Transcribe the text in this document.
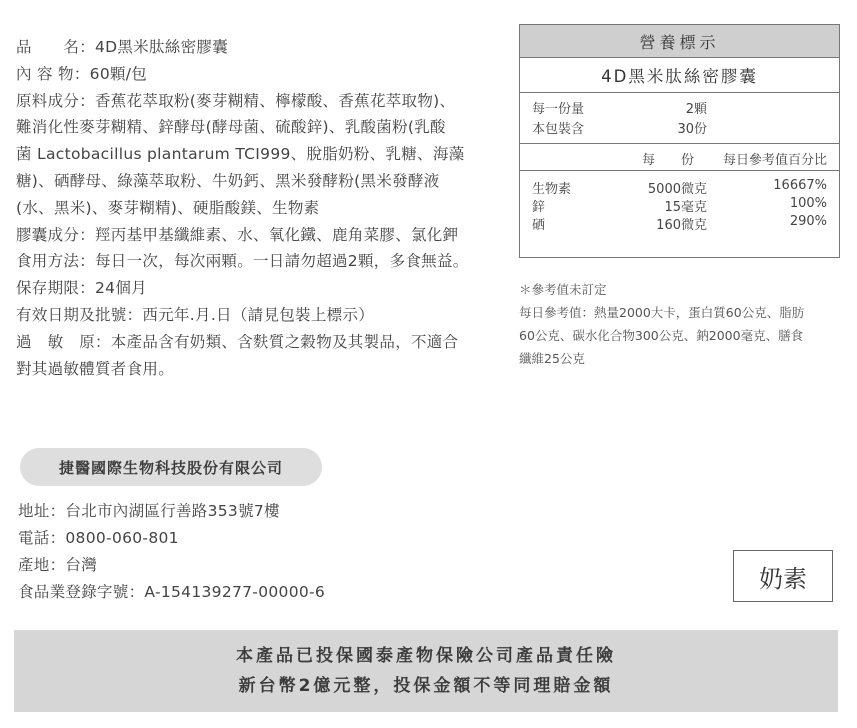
品　　名：4D黑米肽絲密膠囊

內 容 物：60顆/包

原料成分：香蕉花萃取粉(麥芽糊精、檸檬酸、香蕉花萃取物)、

難消化性麥芽糊精、鋅酵母(酵母菌、硫酸鋅)、乳酸菌粉(乳酸

菌 Lactobacillus plantarum TCI999、脫脂奶粉、乳糖、海藻

糖)、硒酵母、綠藻萃取粉、牛奶鈣、黑米發酵粉(黑米發酵液

(水、黑米)、麥芽糊精)、硬脂酸鎂、生物素

膠囊成分：羥丙基甲基纖維素、水、氧化鐵、鹿角菜膠、氯化鉀

食用方法：每日一次，每次兩顆。一日請勿超過2顆，多食無益。

保存期限：24個月

有效日期及批號：西元年.月.日（請見包裝上標示）

過　敏　原：本產品含有奶類、含麩質之穀物及其製品，不適合

對其過敏體質者食用。

捷醫國際生物科技股份有限公司

地址：台北市內湖區行善路353號7樓

電話：0800-060-801

產地：台灣

食品業登錄字號：A-154139277-00000-6

營養標示
4D黑米肽絲密膠囊
每一份量	2顆
本包裝含	30份
每　　份 每日參考值百分比
生物素	5000微克	16667%
鋅	15毫克	100%
硒	160微克	290%

＊參考值未訂定

每日參考值：熱量2000大卡，蛋白質60公克、脂肪

60公克、碳水化合物300公克、鈉2000毫克、膳食

纖維25公克

奶素

本產品已投保國泰產物保險公司產品責任險

新台幣2億元整，投保金額不等同理賠金額
